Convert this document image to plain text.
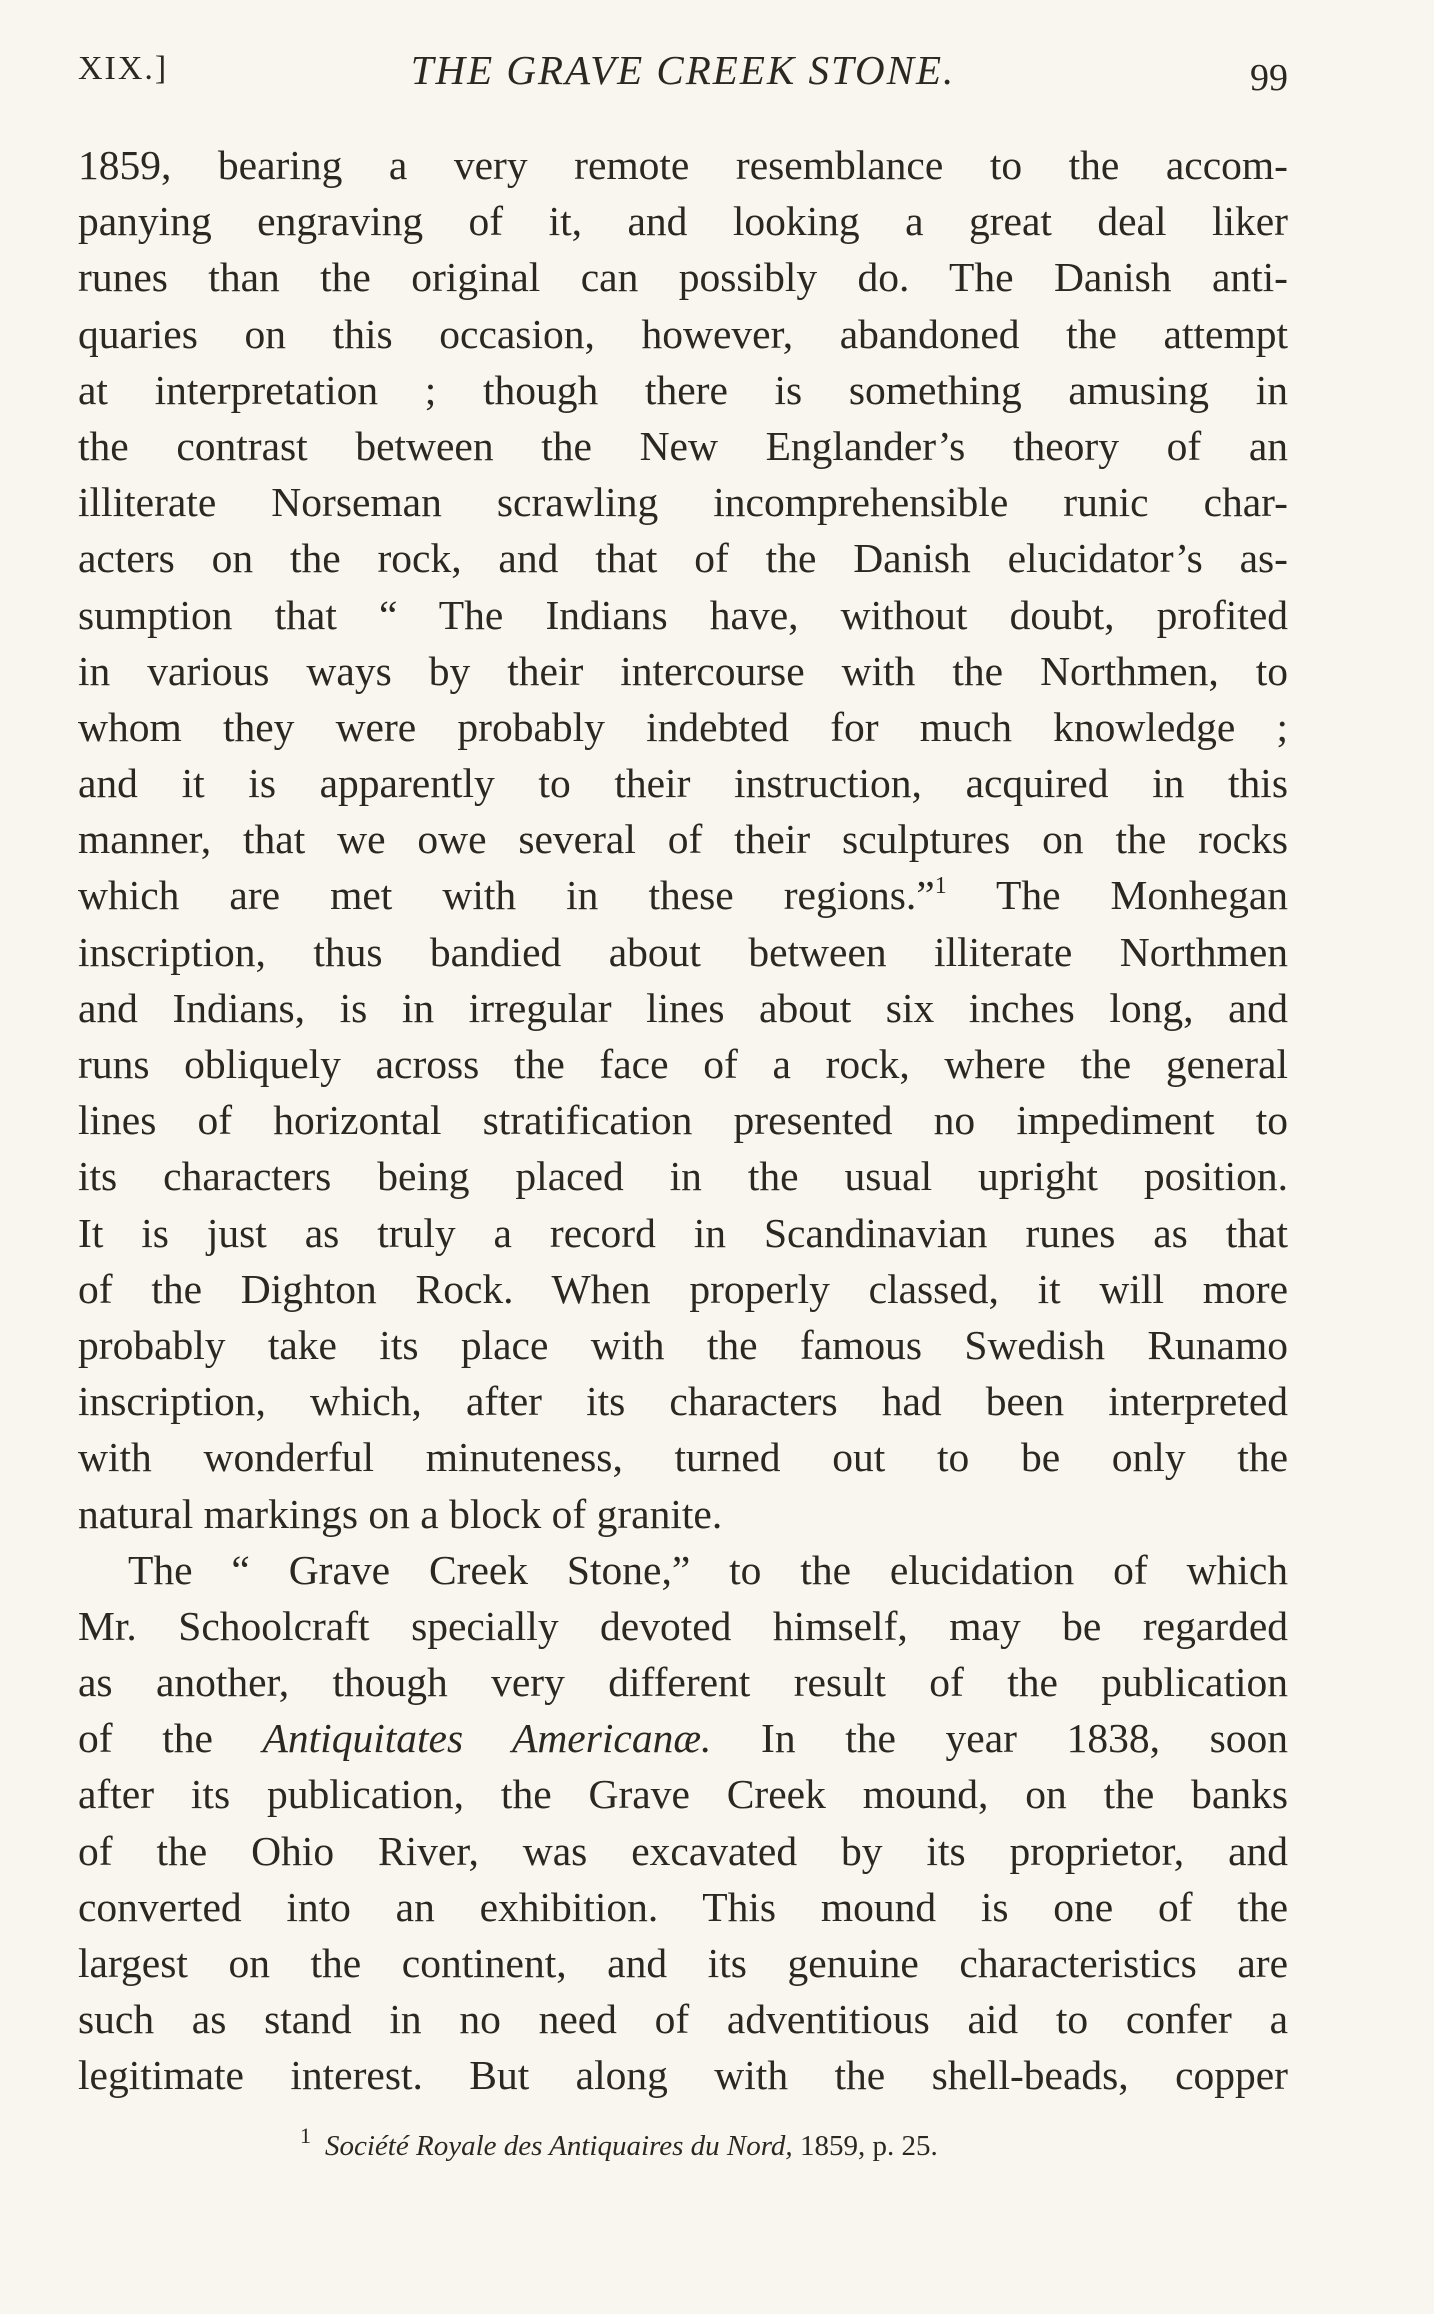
XIX.]	THE GRAVE CREEK STONE.	99
1859, bearing a very remote resemblance to the accom-
panying engraving of it, and looking a great deal liker
runes than the original can possibly do. The Danish anti-
quaries on this occasion, however, abandoned the attempt
at interpretation ; though there is something amusing in
the contrast between the New Englander’s theory of an
illiterate Norseman scrawling incomprehensible runic char-
acters on the rock, and that of the Danish elucidator’s as-
sumption that “ The Indians have, without doubt, profited
in various ways by their intercourse with the Northmen, to
whom they were probably indebted for much knowledge ;
and it is apparently to their instruction, acquired in this
manner, that we owe several of their sculptures on the rocks
which are met with in these regions.”$^1$ The Monhegan
inscription, thus bandied about between illiterate Northmen
and Indians, is in irregular lines about six inches long, and
runs obliquely across the face of a rock, where the general
lines of horizontal stratification presented no impediment to
its characters being placed in the usual upright position.
It is just as truly a record in Scandinavian runes as that
of the Dighton Rock. When properly classed, it will more
probably take its place with the famous Swedish Runamo
inscription, which, after its characters had been interpreted
with wonderful minuteness, turned out to be only the
natural markings on a block of granite.
The “ Grave Creek Stone,” to the elucidation of which
Mr. Schoolcraft specially devoted himself, may be regarded
as another, though very different result of the publication
of the Antiquitates Americanæ. In the year 1838, soon
after its publication, the Grave Creek mound, on the banks
of the Ohio River, was excavated by its proprietor, and
converted into an exhibition. This mound is one of the
largest on the continent, and its genuine characteristics are
such as stand in no need of adventitious aid to confer a
legitimate interest. But along with the shell-beads, copper
$^1$ Société Royale des Antiquaires du Nord, 1859, p. 25.
